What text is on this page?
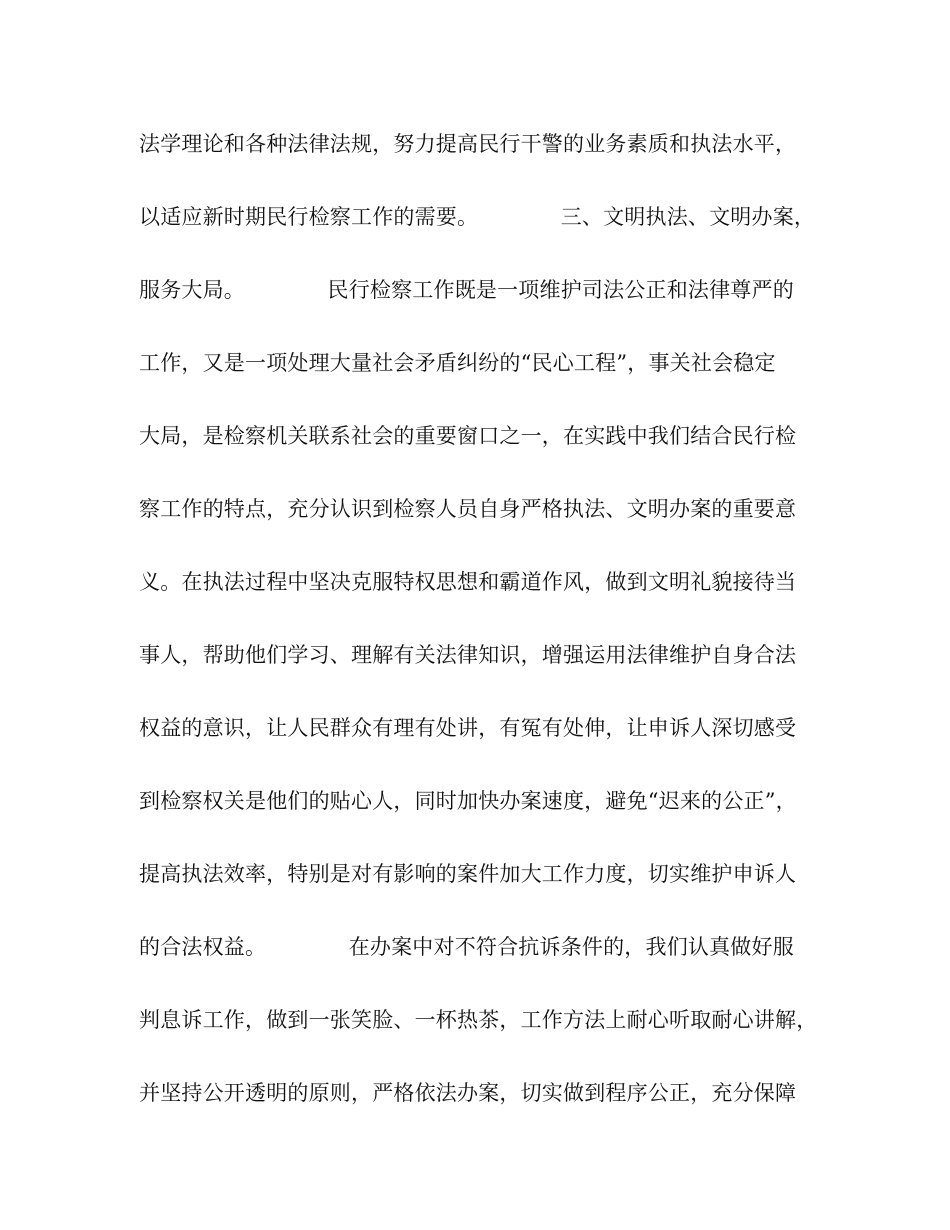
法学理论和各种法律法规，努力提高民行干警的业务素质和执法水平，
以适应新时期民行检察工作的需要。            三、文明执法、文明办案，
服务大局。            民行检察工作既是一项维护司法公正和法律尊严的
工作，又是一项处理大量社会矛盾纠纷的“民心工程”，事关社会稳定
大局，是检察机关联系社会的重要窗口之一，在实践中我们结合民行检
察工作的特点，充分认识到检察人员自身严格执法、文明办案的重要意
义。在执法过程中坚决克服特权思想和霸道作风，做到文明礼貌接待当
事人，帮助他们学习、理解有关法律知识，增强运用法律维护自身合法
权益的意识，让人民群众有理有处讲，有冤有处伸，让申诉人深切感受
到检察权关是他们的贴心人，同时加快办案速度，避免“迟来的公正”，
提高执法效率，特别是对有影响的案件加大工作力度，切实维护申诉人
的合法权益。            在办案中对不符合抗诉条件的，我们认真做好服
判息诉工作，做到一张笑脸、一杯热茶，工作方法上耐心听取耐心讲解，
并坚持公开透明的原则，严格依法办案，切实做到程序公正，充分保障
